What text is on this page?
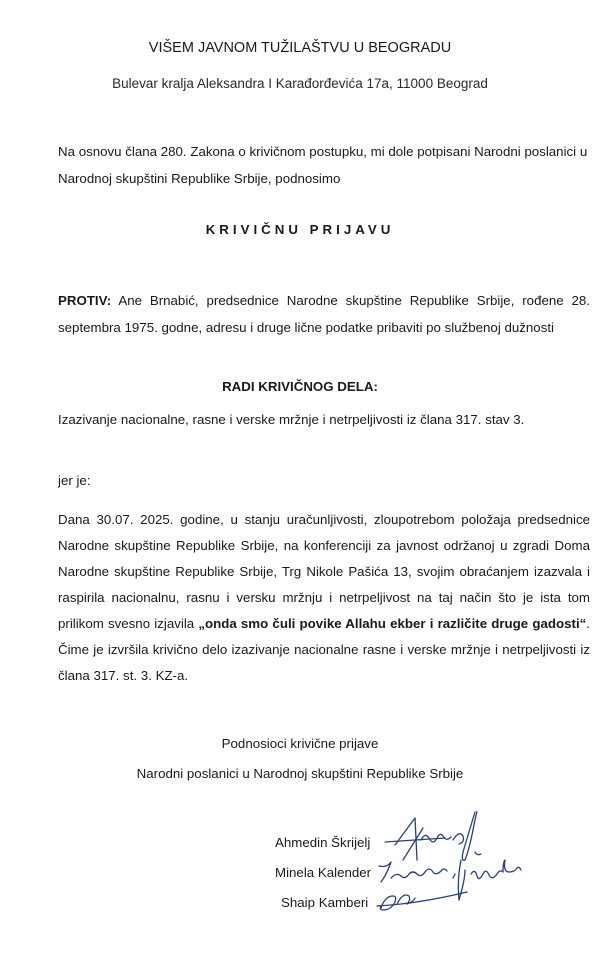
VIŠEM JAVNOM TUŽILAŠTVU U BEOGRADU
Bulevar kralja Aleksandra I Karađorđevića 17a, 11000 Beograd
Na osnovu člana 280. Zakona o krivičnom postupku, mi dole potpisani Narodni poslanici u Narodnoj skupštini Republike Srbije, podnosimo
KRIVIČNU PRIJAVU
PROTIV: Ane Brnabić, predsednice Narodne skupštine Republike Srbije, rođene 28. septembra 1975. godne, adresu i druge lične podatke pribaviti po službenoj dužnosti
RADI KRIVIČNOG DELA:
Izazivanje nacionalne, rasne i verske mržnje i netrpeljivosti iz člana 317. stav 3.
jer je:
Dana 30.07. 2025. godine, u stanju uračunljivosti, zloupotrebom položaja predsednice Narodne skupštine Republike Srbije, na konferenciji za javnost održanoj u zgradi Doma Narodne skupštine Republike Srbije, Trg Nikole Pašića 13, svojim obraćanjem izazvala i raspirila nacionalnu, rasnu i versku mržnju i netrpeljivost na taj način što je ista tom prilikom svesno izjavila „onda smo čuli povike Allahu ekber i različite druge gadosti“. Čime je izvršila krivično delo izazivanje nacionalne rasne i verske mržnje i netrpeljivosti iz člana 317. st. 3. KZ-a.
Podnosioci krivične prijave
Narodni poslanici u Narodnoj skupštini Republike Srbije
Ahmedin Škrijelj
Minela Kalender
Shaip Kamberi
